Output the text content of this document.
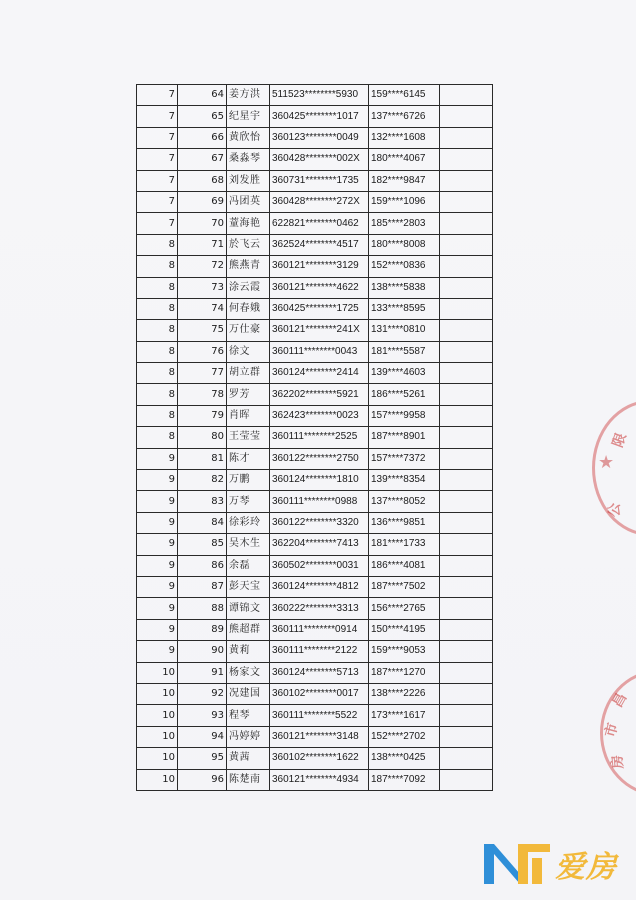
7	64	姜方洪	511523********5930	159****6145	
7	65	纪星宇	360425********1017	137****6726	
7	66	黄欣怡	360123********0049	132****1608	
7	67	桑淼琴	360428********002X	180****4067	
7	68	刘发胜	360731********1735	182****9847	
7	69	冯团英	360428********272X	159****1096	
7	70	蕫海艳	622821********0462	185****2803	
8	71	於飞云	362524********4517	180****8008	
8	72	熊燕青	360121********3129	152****0836	
8	73	涂云霞	360121********4622	138****5838	
8	74	何春娥	360425********1725	133****8595	
8	75	万仕豪	360121********241X	131****0810	
8	76	徐文	360111********0043	181****5587	
8	77	胡立群	360124********2414	139****4603	
8	78	罗芳	362202********5921	186****5261	
8	79	肖晖	362423********0023	157****9958	
8	80	王莹莹	360111********2525	187****8901	
9	81	陈才	360122********2750	157****7372	
9	82	万鹏	360124********1810	139****8354	
9	83	万琴	360111********0988	137****8052	
9	84	徐彩玲	360122********3320	136****9851	
9	85	吴木生	362204********7413	181****1733	
9	86	余磊	360502********0031	186****4081	
9	87	彭天宝	360124********4812	187****7502	
9	88	谭锦文	360222********3313	156****2765	
9	89	熊超群	360111********0914	150****4195	
9	90	黄莉	360111********2122	159****9053	
10	91	杨家文	360124********5713	187****1270	
10	92	况建国	360102********0017	138****2226	
10	93	程琴	360111********5522	173****1617	
10	94	冯婷婷	360121********3148	152****2702	
10	95	黄茜	360102********1622	138****0425	
10	96	陈楚南	360121********4934	187****7092	
限
★
公
昌
市
房
爱房
